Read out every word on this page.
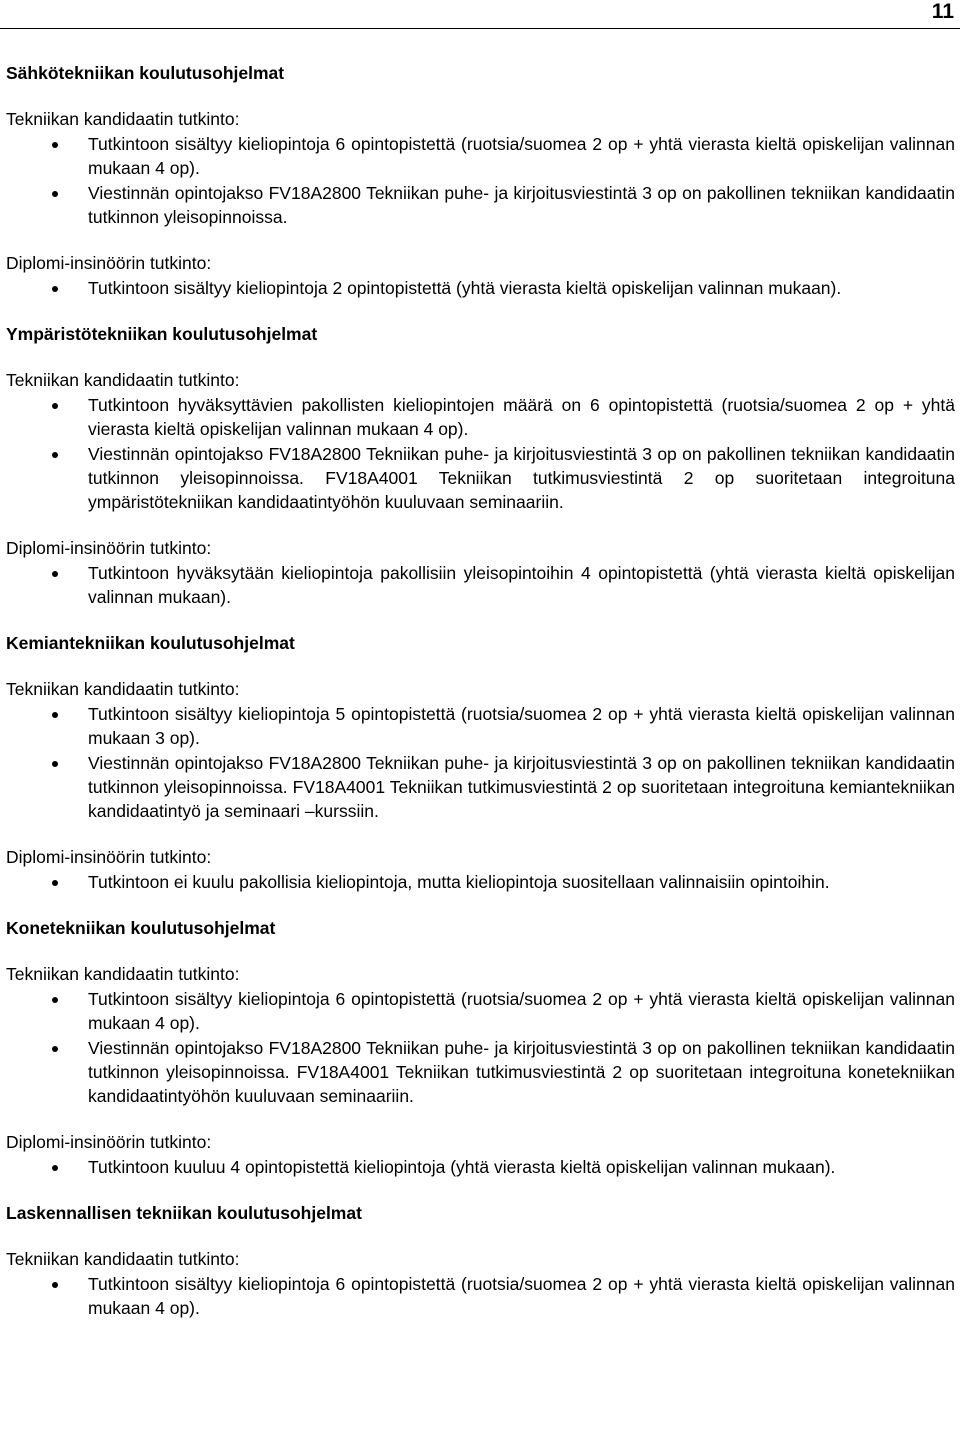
11
Sähkötekniikan koulutusohjelmat
Tekniikan kandidaatin tutkinto:
Tutkintoon sisältyy kieliopintoja 6 opintopistettä (ruotsia/suomea 2 op + yhtä vierasta kieltä opiskelijan valinnan mukaan 4 op).
Viestinnän opintojakso FV18A2800 Tekniikan puhe- ja kirjoitusviestintä 3 op on pakollinen tekniikan kandidaatin tutkinnon yleisopinnoissa.
Diplomi-insinöörin tutkinto:
Tutkintoon sisältyy kieliopintoja 2 opintopistettä (yhtä vierasta kieltä opiskelijan valinnan mukaan).
Ympäristötekniikan koulutusohjelmat
Tekniikan kandidaatin tutkinto:
Tutkintoon hyväksyttävien pakollisten kieliopintojen määrä on 6 opintopistettä (ruotsia/suomea 2 op + yhtä vierasta kieltä opiskelijan valinnan mukaan 4 op).
Viestinnän opintojakso FV18A2800 Tekniikan puhe- ja kirjoitusviestintä 3 op on pakollinen tekniikan kandidaatin tutkinnon yleisopinnoissa. FV18A4001 Tekniikan tutkimusviestintä 2 op suoritetaan integroituna ympäristötekniikan kandidaatintyöhön kuuluvaan seminaariin.
Diplomi-insinöörin tutkinto:
Tutkintoon hyväksytään kieliopintoja pakollisiin yleisopintoihin 4 opintopistettä (yhtä vierasta kieltä opiskelijan valinnan mukaan).
Kemiantekniikan koulutusohjelmat
Tekniikan kandidaatin tutkinto:
Tutkintoon sisältyy kieliopintoja 5 opintopistettä (ruotsia/suomea 2 op + yhtä vierasta kieltä opiskelijan valinnan mukaan 3 op).
Viestinnän opintojakso FV18A2800 Tekniikan puhe- ja kirjoitusviestintä 3 op on pakollinen tekniikan kandidaatin tutkinnon yleisopinnoissa. FV18A4001 Tekniikan tutkimusviestintä 2 op suoritetaan integroituna kemiantekniikan kandidaatintyö ja seminaari –kurssiin.
Diplomi-insinöörin tutkinto:
Tutkintoon ei kuulu pakollisia kieliopintoja, mutta kieliopintoja suositellaan valinnaisiin opintoihin.
Konetekniikan koulutusohjelmat
Tekniikan kandidaatin tutkinto:
Tutkintoon sisältyy kieliopintoja 6 opintopistettä (ruotsia/suomea 2 op + yhtä vierasta kieltä opiskelijan valinnan mukaan 4 op).
Viestinnän opintojakso FV18A2800 Tekniikan puhe- ja kirjoitusviestintä 3 op on pakollinen tekniikan kandidaatin tutkinnon yleisopinnoissa. FV18A4001 Tekniikan tutkimusviestintä 2 op suoritetaan integroituna konetekniikan kandidaatintyöhön kuuluvaan seminaariin.
Diplomi-insinöörin tutkinto:
Tutkintoon kuuluu 4 opintopistettä kieliopintoja (yhtä vierasta kieltä opiskelijan valinnan mukaan).
Laskennallisen tekniikan koulutusohjelmat
Tekniikan kandidaatin tutkinto:
Tutkintoon sisältyy kieliopintoja 6 opintopistettä (ruotsia/suomea 2 op + yhtä vierasta kieltä opiskelijan valinnan mukaan 4 op).
